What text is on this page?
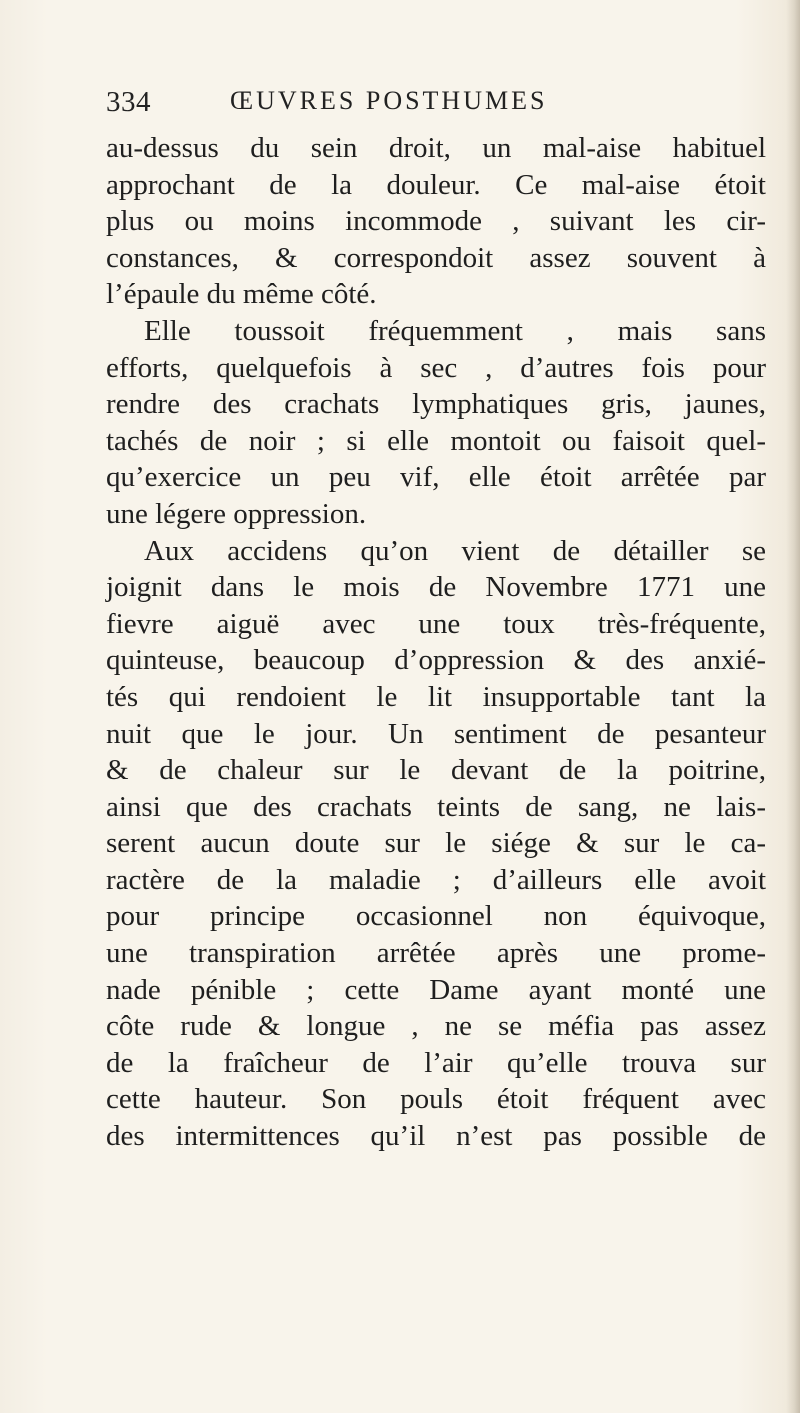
334	ŒUVRES POSTHUMES
au-dessus du sein droit, un mal-aise habituel
approchant de la douleur. Ce mal-aise étoit
plus ou moins incommode , suivant les cir-
constances, & correspondoit assez souvent à
l’épaule du même côté.
Elle toussoit fréquemment , mais sans
efforts, quelquefois à sec , d’autres fois pour
rendre des crachats lymphatiques gris, jaunes,
tachés de noir ; si elle montoit ou faisoit quel-
qu’exercice un peu vif, elle étoit arrêtée par
une légere oppression.
Aux accidens qu’on vient de détailler se
joignit dans le mois de Novembre 1771 une
fievre aiguë avec une toux très-fréquente,
quinteuse, beaucoup d’oppression & des anxié-
tés qui rendoient le lit insupportable tant la
nuit que le jour. Un sentiment de pesanteur
& de chaleur sur le devant de la poitrine,
ainsi que des crachats teints de sang, ne lais-
serent aucun doute sur le siége & sur le ca-
ractère de la maladie ; d’ailleurs elle avoit
pour principe occasionnel non équivoque,
une transpiration arrêtée après une prome-
nade pénible ; cette Dame ayant monté une
côte rude & longue , ne se méfia pas assez
de la fraîcheur de l’air qu’elle trouva sur
cette hauteur. Son pouls étoit fréquent avec
des intermittences qu’il n’est pas possible de
